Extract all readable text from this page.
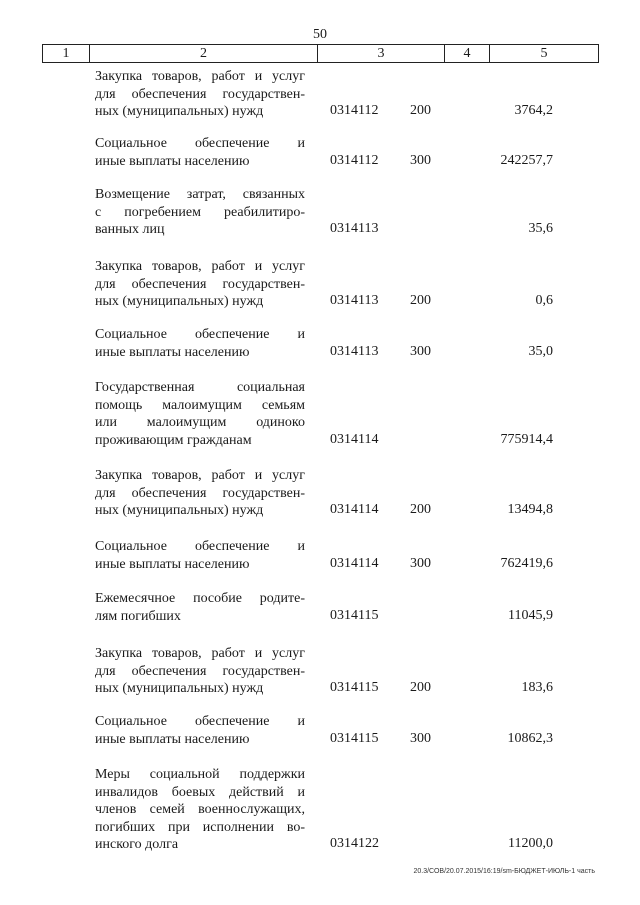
50
1	2	3	4	5
Закупка товаров, работ и услуг
для обеспечения государствен-
ных (муниципальных) нужд	0314112 200	3764,2
Социальное обеспечение и
иные выплаты населению	0314112 300	242257,7
Возмещение затрат, связанных
с погребением реабилитиро-
ванных лиц	0314113	35,6
Закупка товаров, работ и услуг
для обеспечения государствен-
ных (муниципальных) нужд	0314113 200	0,6
Социальное обеспечение и
иные выплаты населению	0314113 300	35,0
Государственная социальная
помощь малоимущим семьям
или малоимущим одиноко
проживающим гражданам	0314114	775914,4
Закупка товаров, работ и услуг
для обеспечения государствен-
ных (муниципальных) нужд	0314114 200	13494,8
Социальное обеспечение и
иные выплаты населению	0314114 300	762419,6
Ежемесячное пособие родите-
лям погибших	0314115	11045,9
Закупка товаров, работ и услуг
для обеспечения государствен-
ных (муниципальных) нужд	0314115 200	183,6
Социальное обеспечение и
иные выплаты населению	0314115 300	10862,3
Меры социальной поддержки
инвалидов боевых действий и
членов семей военнослужащих,
погибших при исполнении во-
инского долга	0314122	11200,0
20.3/СОВ/20.07.2015/16:19/sm-БЮДЖЕТ-ИЮЛЬ-1 часть
